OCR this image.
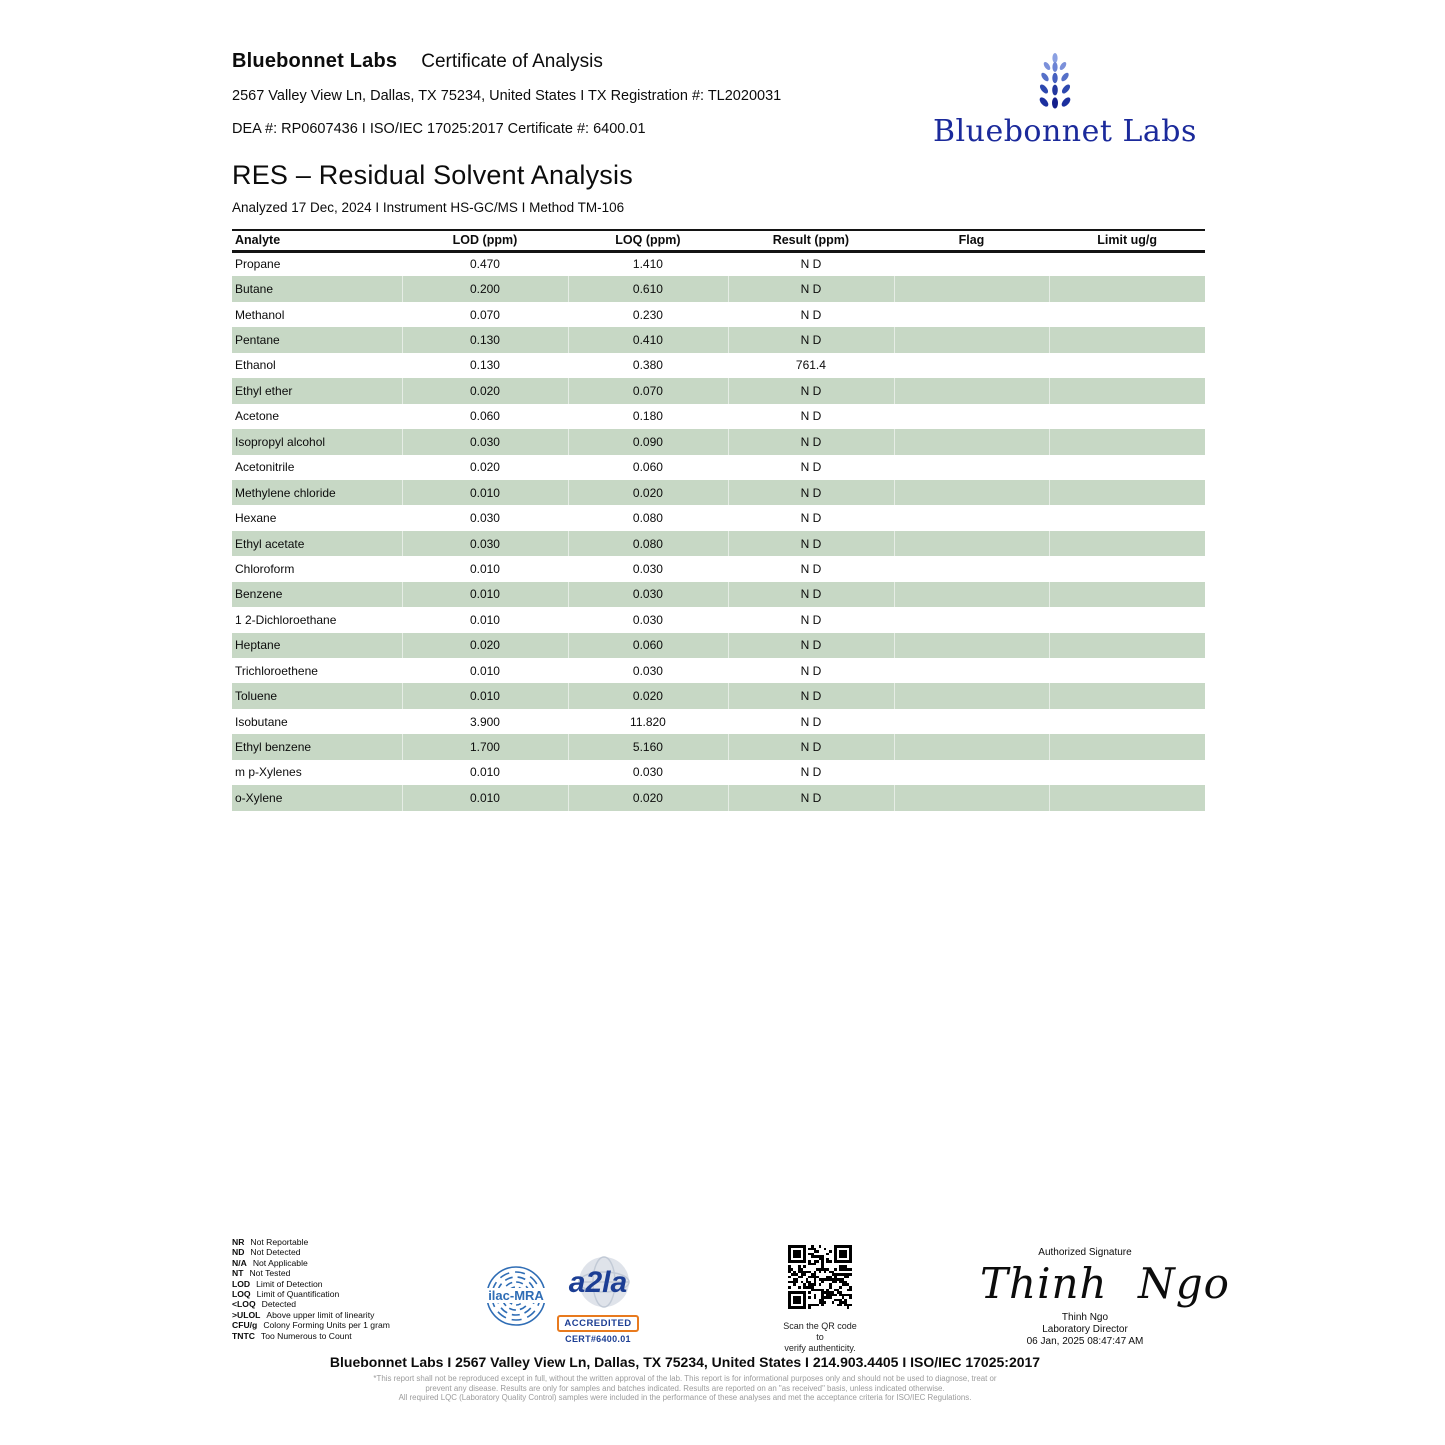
Bluebonnet Labs Certificate of Analysis
2567 Valley View Ln, Dallas, TX 75234, United States I TX Registration #: TL2020031
DEA #: RP0607436 I ISO/IEC 17025:2017 Certificate #: 6400.01	Bluebonnet Labs
RES – Residual Solvent Analysis
Analyzed 17 Dec, 2024 I Instrument HS-GC/MS I Method TM-106
Analyte	LOD (ppm)	LOQ (ppm)	Result (ppm)	Flag	Limit ug/g
Propane	0.470	1.410	N D		
Butane	0.200	0.610	N D		
Methanol	0.070	0.230	N D		
Pentane	0.130	0.410	N D		
Ethanol	0.130	0.380	761.4		
Ethyl ether	0.020	0.070	N D		
Acetone	0.060	0.180	N D		
Isopropyl alcohol	0.030	0.090	N D		
Acetonitrile	0.020	0.060	N D		
Methylene chloride	0.010	0.020	N D		
Hexane	0.030	0.080	N D		
Ethyl acetate	0.030	0.080	N D		
Chloroform	0.010	0.030	N D		
Benzene	0.010	0.030	N D		
1 2-Dichloroethane	0.010	0.030	N D		
Heptane	0.020	0.060	N D		
Trichloroethene	0.010	0.030	N D		
Toluene	0.010	0.020	N D		
Isobutane	3.900	11.820	N D		
Ethyl benzene	1.700	5.160	N D		
m p-Xylenes	0.010	0.030	N D		
o-Xylene	0.010	0.020	N D		
NR Not Reportable
ND Not Detected
N/A Not Applicable
NT Not Tested
LOD Limit of Detection
LOQ Limit of Quantification
<LOQ Detected
>ULOL Above upper limit of linearity
CFU/g Colony Forming Units per 1 gram
TNTC Too Numerous to Count
ilac-MRA a2la
ACCREDITED
CERT#6400.01
Scan the QR code to
verify authenticity.
Authorized Signature
Thinh Ngo
Thinh Ngo
Laboratory Director
06 Jan, 2025 08:47:47 AM
Bluebonnet Labs I 2567 Valley View Ln, Dallas, TX 75234, United States I 214.903.4405 I ISO/IEC 17025:2017
*This report shall not be reproduced except in full, without the written approval of the lab. This report is for informational purposes only and should not be used to diagnose, treat or
prevent any disease. Results are only for samples and batches indicated. Results are reported on an "as received" basis, unless indicated otherwise.
All required LQC (Laboratory Quality Control) samples were included in the performance of these analyses and met the acceptance criteria for ISO/IEC Regulations.
